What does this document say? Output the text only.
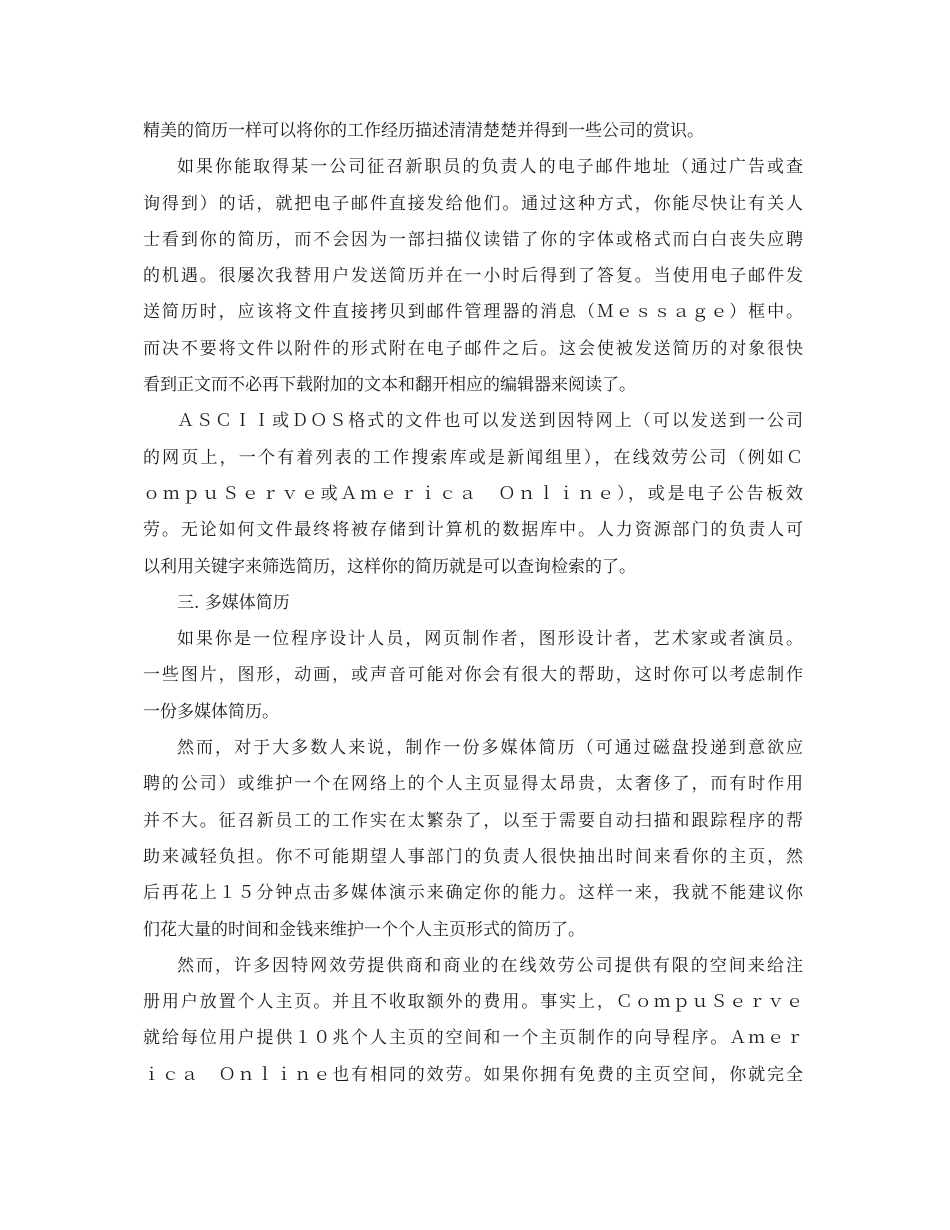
精美的简历一样可以将你的工作经历描述清清楚楚并得到一些公司的赏识。
如果你能取得某一公司征召新职员的负责人的电子邮件地址（通过广告或查
询得到）的话，就把电子邮件直接发给他们。通过这种方式，你能尽快让有关人
士看到你的简历，而不会因为一部扫描仪读错了你的字体或格式而白白丧失应聘
的机遇。很屡次我替用户发送简历并在一小时后得到了答复。当使用电子邮件发
送简历时，应该将文件直接拷贝到邮件管理器的消息（Ｍｅｓｓａｇｅ）框中。
而决不要将文件以附件的形式附在电子邮件之后。这会使被发送简历的对象很快
看到正文而不必再下载附加的文本和翻开相应的编辑器来阅读了。
ＡＳＣＩＩ或ＤＯＳ格式的文件也可以发送到因特网上（可以发送到一公司
的网页上，一个有着列表的工作搜索库或是新闻组里），在线效劳公司（例如Ｃ
ｏｍｐｕＳｅｒｖｅ或Ａｍｅｒｉｃａ　Ｏｎｌｉｎｅ），或是电子公告板效
劳。无论如何文件最终将被存储到计算机的数据库中。人力资源部门的负责人可
以利用关键字来筛选简历，这样你的简历就是可以查询检索的了。
三. 多媒体简历
如果你是一位程序设计人员，网页制作者，图形设计者，艺术家或者演员。
一些图片，图形，动画，或声音可能对你会有很大的帮助，这时你可以考虑制作
一份多媒体简历。
然而，对于大多数人来说，制作一份多媒体简历（可通过磁盘投递到意欲应
聘的公司）或维护一个在网络上的个人主页显得太昂贵，太奢侈了，而有时作用
并不大。征召新员工的工作实在太繁杂了，以至于需要自动扫描和跟踪程序的帮
助来减轻负担。你不可能期望人事部门的负责人很快抽出时间来看你的主页，然
后再花上１５分钟点击多媒体演示来确定你的能力。这样一来，我就不能建议你
们花大量的时间和金钱来维护一个个人主页形式的简历了。
然而，许多因特网效劳提供商和商业的在线效劳公司提供有限的空间来给注
册用户放置个人主页。并且不收取额外的费用。事实上，ＣｏｍｐｕＳｅｒｖｅ
就给每位用户提供１０兆个人主页的空间和一个主页制作的向导程序。Ａｍｅｒ
ｉｃａ　Ｏｎｌｉｎｅ也有相同的效劳。如果你拥有免费的主页空间，你就完全
